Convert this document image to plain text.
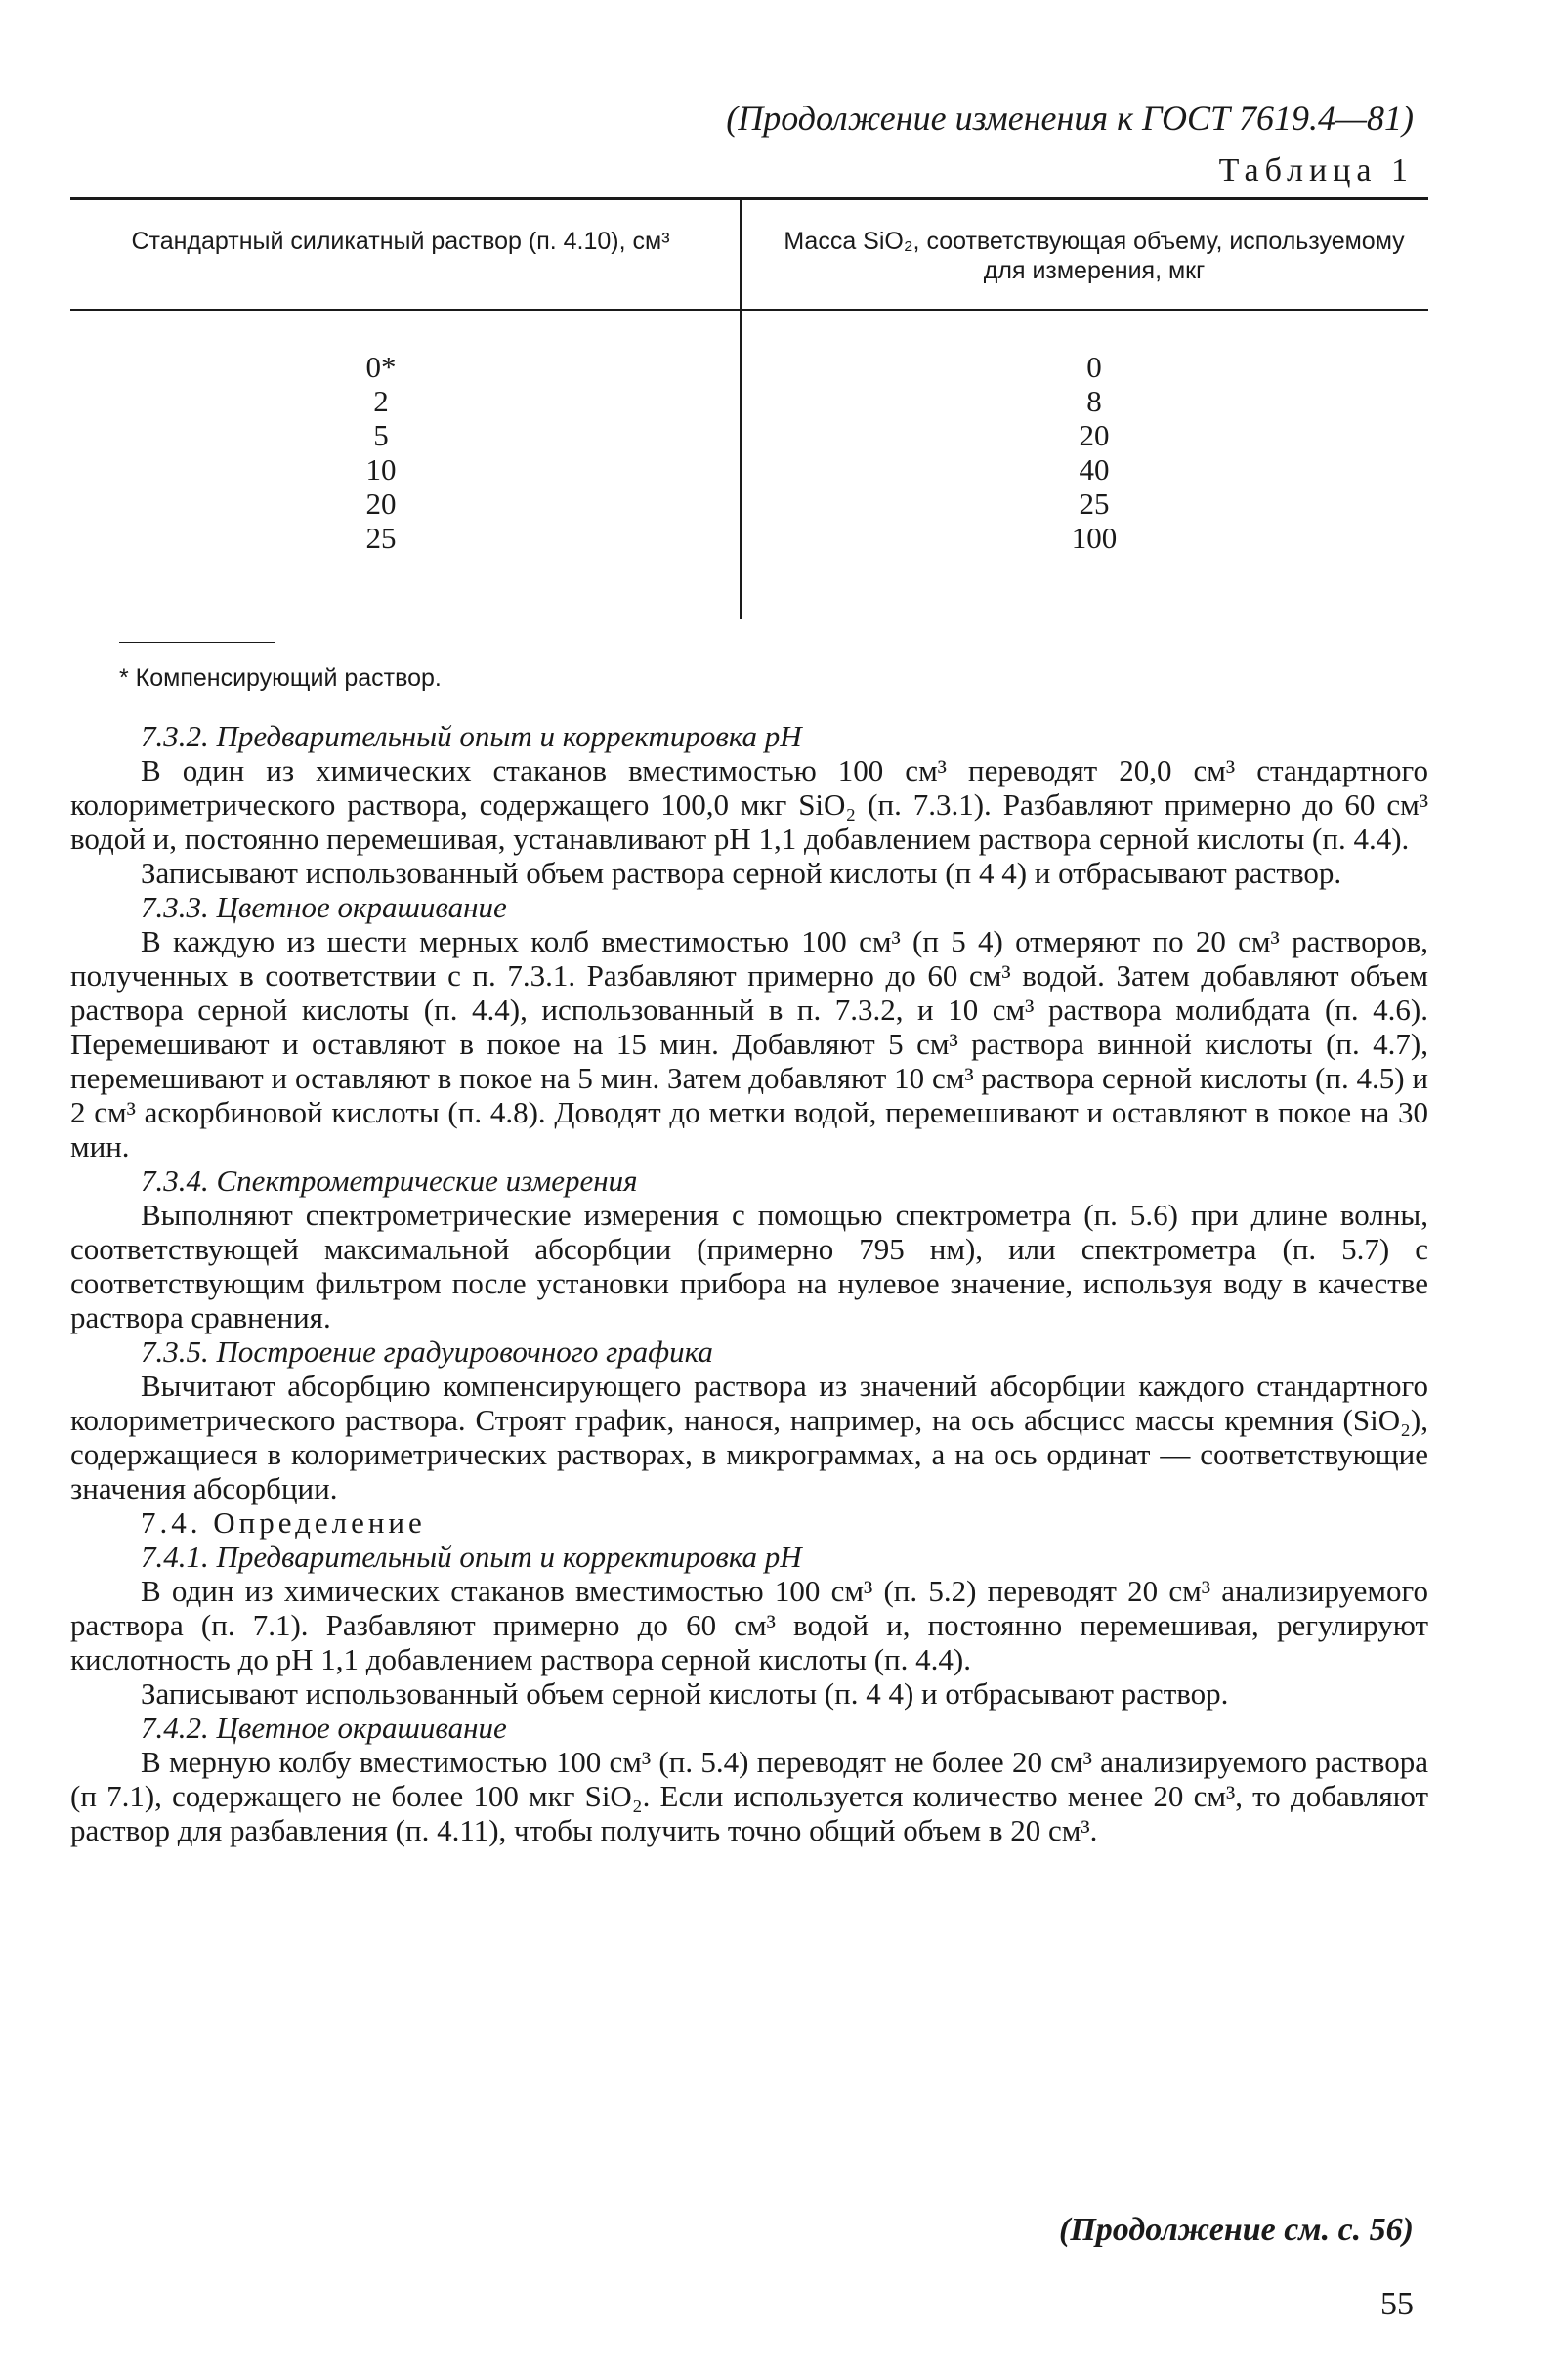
(Продолжение изменения к ГОСТ 7619.4—81)
Таблица 1
Стандартный силикатный раствор (п. 4.10), см³	Масса SiO₂, соответствующая объему, используемому для измерения, мкг
0*
2
5
10
20
25
0
8
20
40
25
100
* Компенсирующий раствор.

7.3.2. Предварительный опыт и корректировка pH

В один из химических стаканов вместимостью 100 см³ переводят 20,0 см³ стандартного колориметрического раствора, содержащего 100,0 мкг SiO₂ (п. 7.3.1). Разбавляют примерно до 60 см³ водой и, постоянно перемешивая, устанавливают pH 1,1 добавлением раствора серной кислоты (п. 4.4).

Записывают использованный объем раствора серной кислоты (п 4 4) и отбрасывают раствор.

7.3.3. Цветное окрашивание

В каждую из шести мерных колб вместимостью 100 см³ (п 5 4) отмеряют по 20 см³ растворов, полученных в соответствии с п. 7.3.1. Разбавляют примерно до 60 см³ водой. Затем добавляют объем раствора серной кислоты (п. 4.4), использованный в п. 7.3.2, и 10 см³ раствора молибдата (п. 4.6). Перемешивают и оставляют в покое на 15 мин. Добавляют 5 см³ раствора винной кислоты (п. 4.7), перемешивают и оставляют в покое на 5 мин. Затем добавляют 10 см³ раствора серной кислоты (п. 4.5) и 2 см³ аскорбиновой кислоты (п. 4.8). Доводят до метки водой, перемешивают и оставляют в покое на 30 мин.

7.3.4. Спектрометрические измерения

Выполняют спектрометрические измерения с помощью спектрометра (п. 5.6) при длине волны, соответствующей максимальной абсорбции (примерно 795 нм), или спектрометра (п. 5.7) с соответствующим фильтром после установки прибора на нулевое значение, используя воду в качестве раствора сравнения.

7.3.5. Построение градуировочного графика

Вычитают абсорбцию компенсирующего раствора из значений абсорбции каждого стандартного колориметрического раствора. Строят график, нанося, например, на ось абсцисс массы кремния (SiO₂), содержащиеся в колориметрических растворах, в микрограммах, а на ось ординат — соответствующие значения абсорбции.

7.4. Определение

7.4.1. Предварительный опыт и корректировка pH

В один из химических стаканов вместимостью 100 см³ (п. 5.2) переводят 20 см³ анализируемого раствора (п. 7.1). Разбавляют примерно до 60 см³ водой и, постоянно перемешивая, регулируют кислотность до pH 1,1 добавлением раствора серной кислоты (п. 4.4).

Записывают использованный объем серной кислоты (п. 4 4) и отбрасывают раствор.

7.4.2. Цветное окрашивание

В мерную колбу вместимостью 100 см³ (п. 5.4) переводят не более 20 см³ анализируемого раствора (п 7.1), содержащего не более 100 мкг SiO₂. Если используется количество менее 20 см³, то добавляют раствор для разбавления (п. 4.11), чтобы получить точно общий объем в 20 см³.

(Продолжение см. с. 56)
55
